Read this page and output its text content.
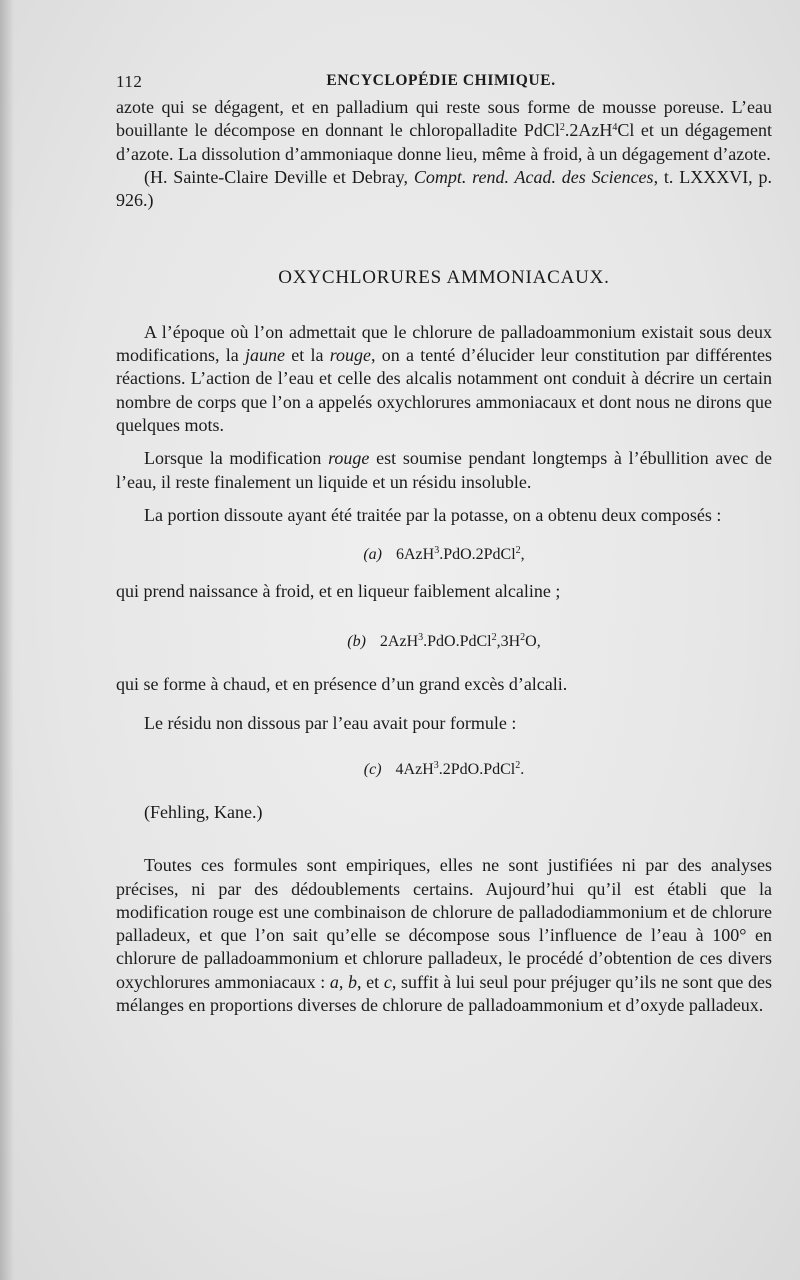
112	ENCYCLOPÉDIE CHIMIQUE.

azote qui se dégagent, et en palladium qui reste sous forme de mousse poreuse. L’eau bouillante le décompose en donnant le chloropalladite PdCl$^2$.2AzH$^4$Cl et un dégagement d’azote. La dissolution d’ammoniaque donne lieu, même à froid, à un dégagement d’azote.

(H. Sainte-Claire Deville et Debray, Compt. rend. Acad. des Sciences, t. LXXXVI, p. 926.)

OXYCHLORURES AMMONIACAUX.

A l’époque où l’on admettait que le chlorure de palladoammonium existait sous deux modifications, la jaune et la rouge, on a tenté d’élucider leur constitution par différentes réactions. L’action de l’eau et celle des alcalis notamment ont conduit à décrire un certain nombre de corps que l’on a appelés oxychlorures ammoniacaux et dont nous ne dirons que quelques mots.

Lorsque la modification rouge est soumise pendant longtemps à l’ébullition avec de l’eau, il reste finalement un liquide et un résidu insoluble.

La portion dissoute ayant été traitée par la potasse, on a obtenu deux composés :

(a) 6AzH$^3$.PdO.2PdCl$^2$,

qui prend naissance à froid, et en liqueur faiblement alcaline ;

(b) $2AzH^3.PdO.PdCl^2,3H^2O$,

qui se forme à chaud, et en présence d’un grand excès d’alcali.

Le résidu non dissous par l’eau avait pour formule :

(c) 4AzH$^3$.2PdO.PdCl$^2$.

(Fehling, Kane.)

Toutes ces formules sont empiriques, elles ne sont justifiées ni par des analyses précises, ni par des dédoublements certains. Aujourd’hui qu’il est établi que la modification rouge est une combinaison de chlorure de palladodiammonium et de chlorure palladeux, et que l’on sait qu’elle se décompose sous l’influence de l’eau à 100° en chlorure de palladoammonium et chlorure palladeux, le procédé d’obtention de ces divers oxychlorures ammoniacaux : a, b, et c, suffit à lui seul pour préjuger qu’ils ne sont que des mélanges en proportions diverses de chlorure de palladoammonium et d’oxyde palladeux.
